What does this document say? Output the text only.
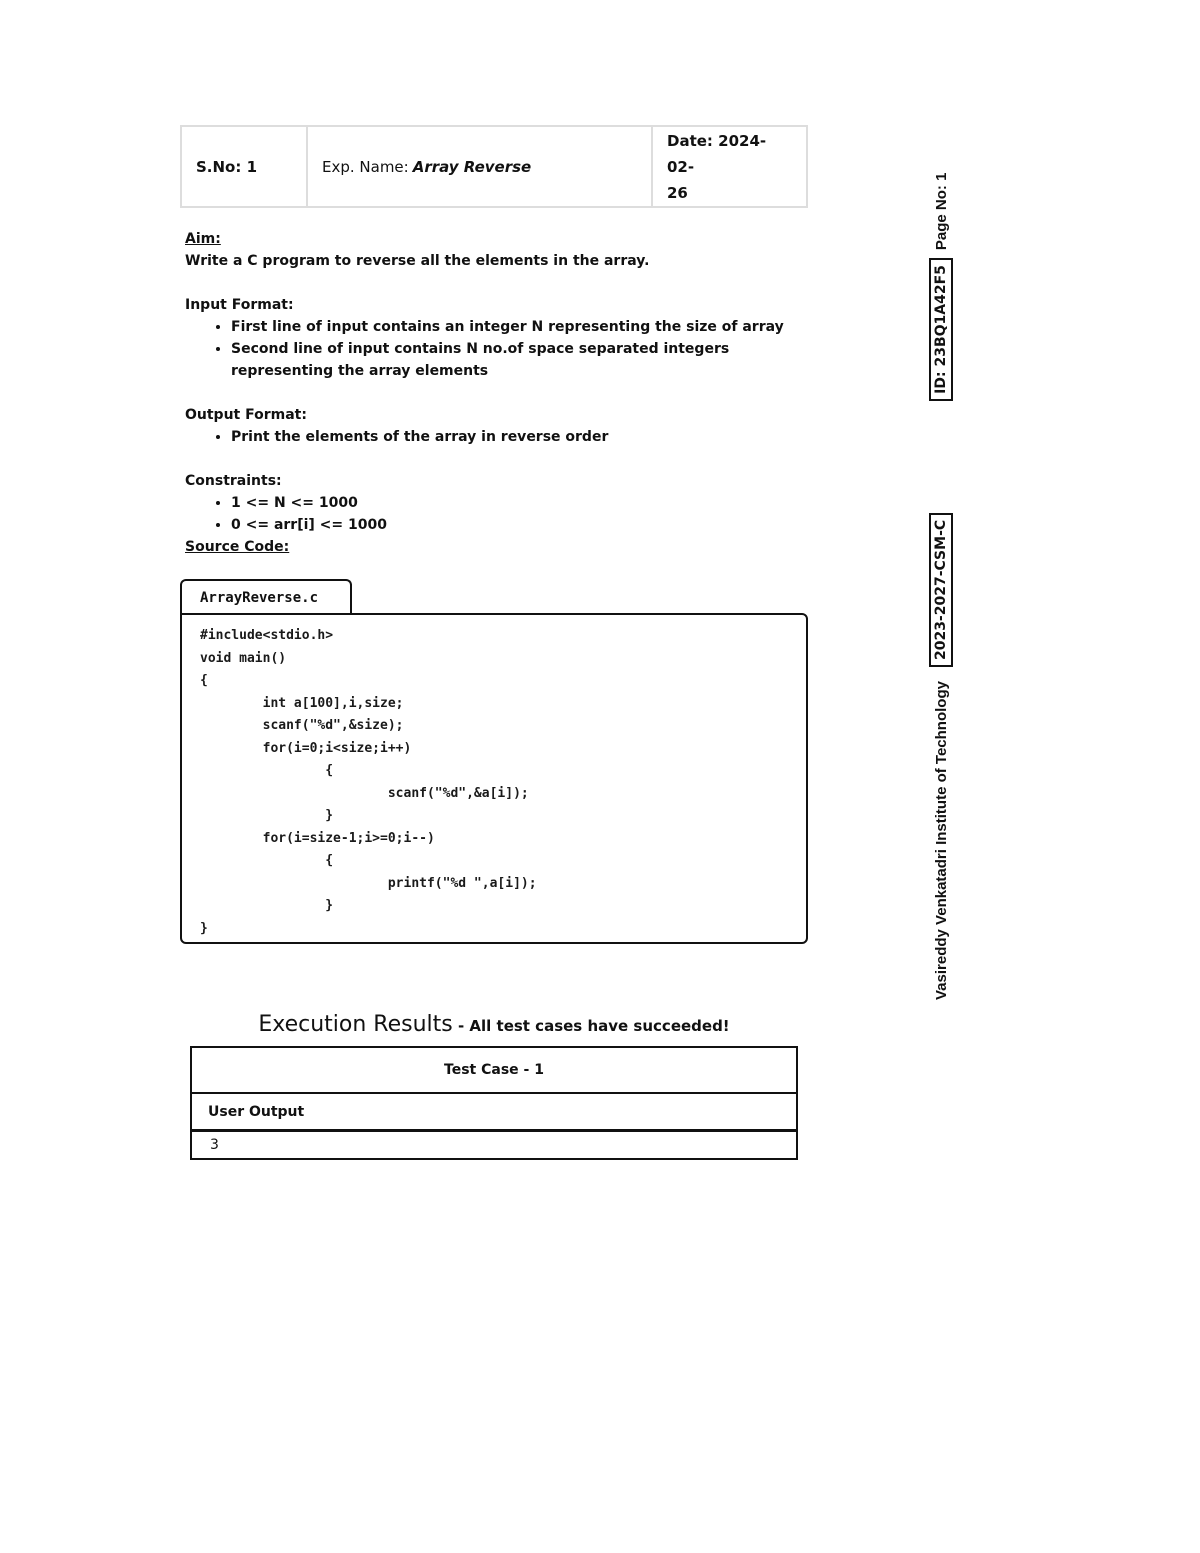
S.No: 1	Exp. Name: Array Reverse
Date: 2024-02-
26

Aim:

Write a C program to reverse all the elements in the array.

Input Format:

• First line of input contains an integer N representing the size of array
• Second line of input contains N no.of space separated integers representing the array elements

Output Format:

• Print the elements of the array in reverse order

Constraints:

• 1 <= N <= 1000
• 0 <= arr[i] <= 1000

Source Code:

ArrayReverse.c
#include<stdio.h>
void main()
{
int a[100],i,size;
scanf("%d",&size);
for(i=0;i<size;i++)
{
scanf("%d",&a[i]);
}
for(i=size-1;i>=0;i--)
{
printf("%d ",a[i]);
}
}
Execution Results - All test cases have succeeded!
Test Case - 1
User Output
3
Vasireddy Venkatadri Institute of Technology
2023-2027-CSM-C
ID: 23BQ1A42F5
Page No: 1
